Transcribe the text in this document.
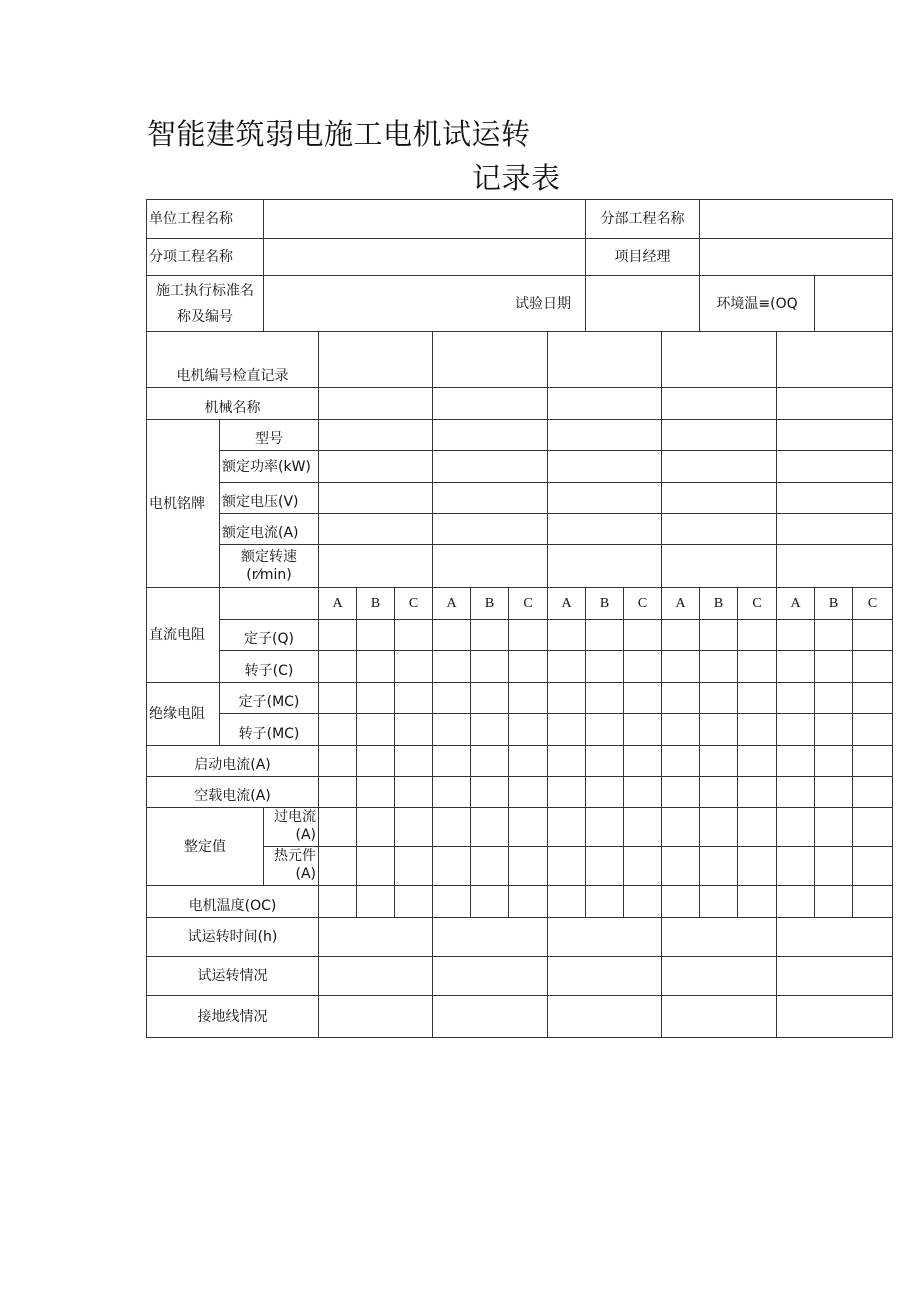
智能建筑弱电施工电机试运转
记录表
单位工程名称										分部工程名称							
分项工程名称										项目经理							

施工执行标准名
称及编号		试验日期											环境温≡(OQ				
电机编号检直记录																	
机械名称																	
电机铭牌	型号																
	额定功率(kW)																
	额定电压(V)																
	额定电流(A)																

	额定转速
(r⁄min)																

直流电阻			A	B	C	A	B	C	A	B	C	A	B	C	A	B	C
	定子(Q)																
	转子(C)																
绝缘电阻	定子(MC)																
	转子(MC)																
启动电流(A)																	
空载电流(A)																	
整定值		过电流(A)															
		热元件(A)															
电机温度(OC)																	
试运转时间(h)																	
试运转情况																	
接地线情况																	
